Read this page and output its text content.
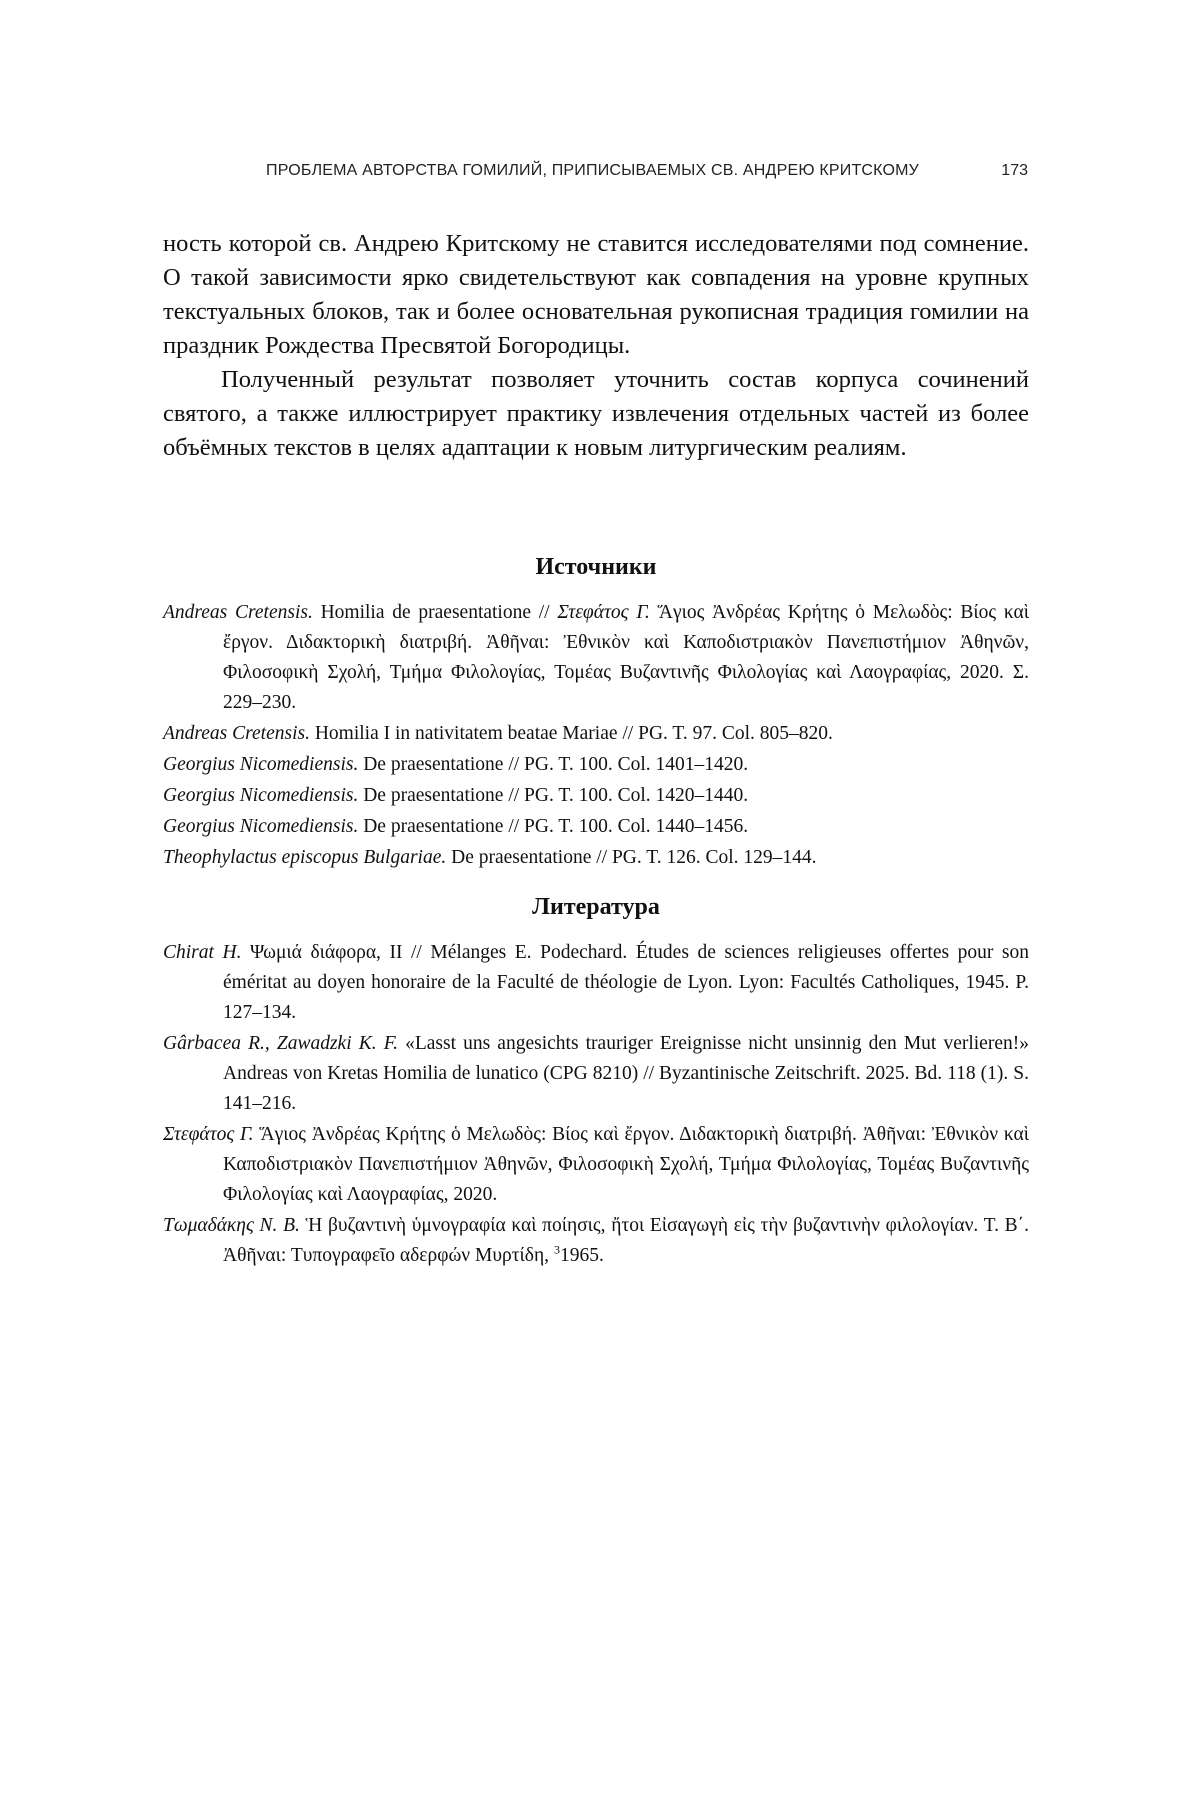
ПРОБЛЕМА АВТОРСТВА ГОМИЛИЙ, ПРИПИСЫВАЕМЫХ СВ. АНДРЕЮ КРИТСКОМУ	173

ность которой св. Андрею Критскому не ставится исследователями под сомнение. О такой зависимости ярко свидетельствуют как совпадения на уровне крупных текстуальных блоков, так и более основательная рукописная традиция гомилии на праздник Рождества Пресвятой Богородицы.

Полученный результат позволяет уточнить состав корпуса сочинений святого, а также иллюстрирует практику извлечения отдельных частей из более объёмных текстов в целях адаптации к новым литургическим реалиям.

Источники

Andreas Cretensis. Homilia de praesentatione // Στεφάτος Γ. Ἅγιος Ἀνδρέας Κρήτης ὁ Μελωδὸς: Βίος καὶ ἔργον. Διδακτορικὴ διατριβή. Ἀθῆναι: Ἐθνικὸν καὶ Καποδιστριακὸν Πανεπιστήμιον Ἀθηνῶν, Φιλοσοφικὴ Σχολή, Τμήμα Φιλολογίας, Τομέας Βυζαντινῆς Φιλολογίας καὶ Λαογραφίας, 2020. Σ. 229–230.

Andreas Cretensis. Homilia I in nativitatem beatae Mariae // PG. T. 97. Col. 805–820.

Georgius Nicomediensis. De praesentatione // PG. T. 100. Col. 1401–1420.

Georgius Nicomediensis. De praesentatione // PG. T. 100. Col. 1420–1440.

Georgius Nicomediensis. De praesentatione // PG. T. 100. Col. 1440–1456.

Theophylactus episcopus Bulgariae. De praesentatione // PG. T. 126. Col. 129–144.

Литература

Chirat H. Ψωμιά διάφορα, II // Mélanges E. Podechard. Études de sciences religieuses offertes pour son éméritat au doyen honoraire de la Faculté de théologie de Lyon. Lyon: Facultés Catholiques, 1945. P. 127–134.

Gârbacea R., Zawadzki K. F. «Lasst uns angesichts trauriger Ereignisse nicht unsinnig den Mut verlieren!» Andreas von Kretas Homilia de lunatico (CPG 8210) // Byzantinische Zeitschrift. 2025. Bd. 118 (1). S. 141–216.

Στεφάτος Γ. Ἅγιος Ἀνδρέας Κρήτης ὁ Μελωδὸς: Βίος καὶ ἔργον. Διδακτορικὴ διατριβή. Ἀθῆναι: Ἐθνικὸν καὶ Καποδιστριακὸν Πανεπιστήμιον Ἀθηνῶν, Φιλοσοφικὴ Σχολή, Τμήμα Φιλολογίας, Τομέας Βυζαντινῆς Φιλολογίας καὶ Λαογραφίας, 2020.

Τωμαδάκης Ν. Β. Ἡ βυζαντινὴ ὑμνογραφία καὶ ποίησις, ἤτοι Εἰσαγωγὴ εἰς τὴν βυζαντινὴν φιλολογίαν. Τ. Β΄. Ἀθῆναι: Τυπογραφεῖο αδερφών Μυρτίδη, $^3$1965.
